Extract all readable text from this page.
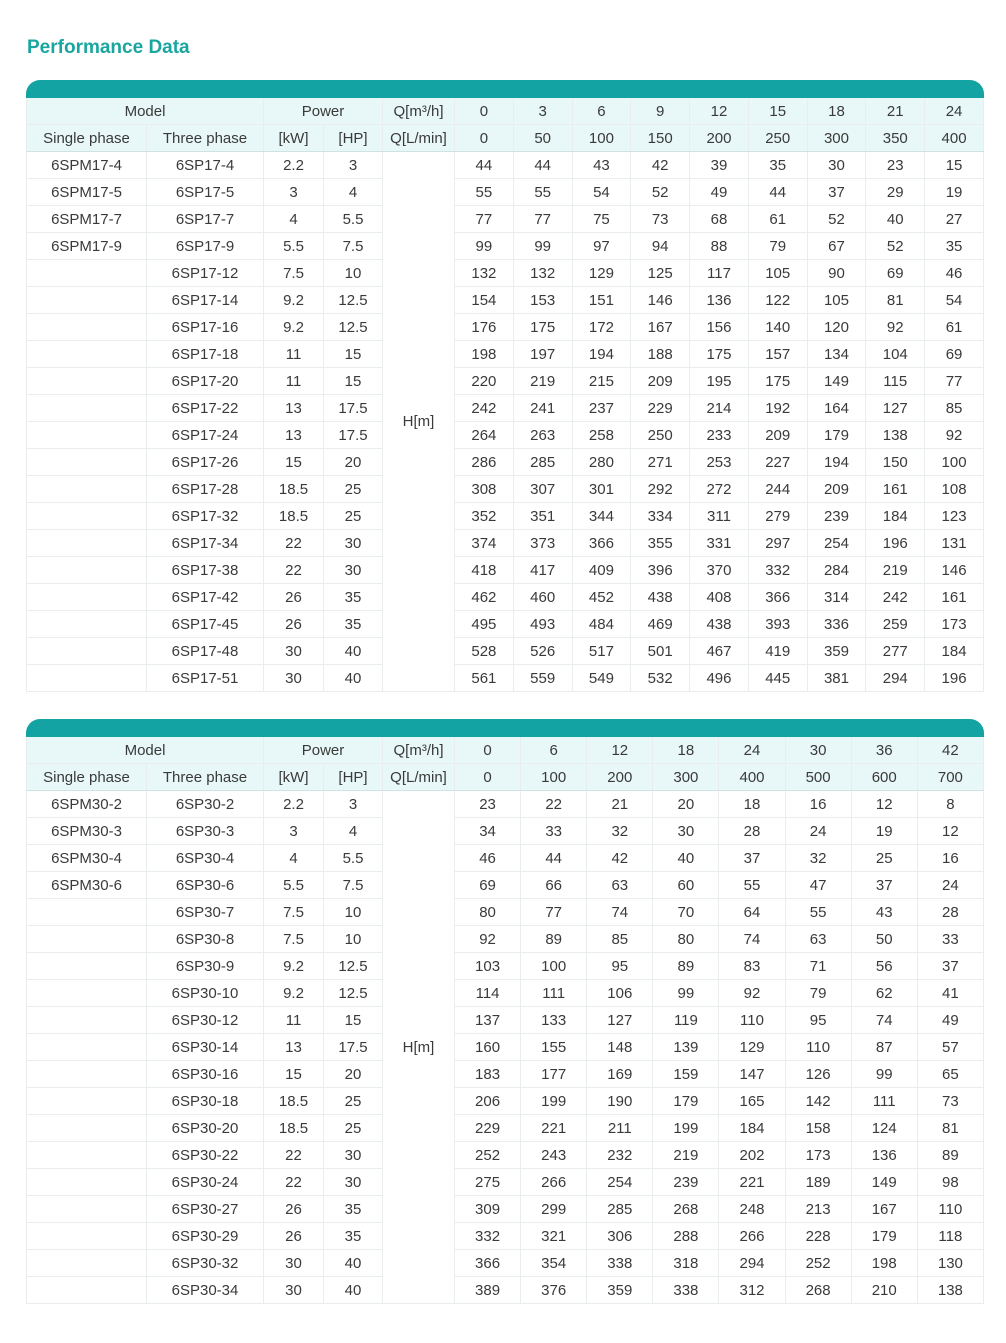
Performance Data
Model		Power		Q[m³/h]	0	3	6	9	12	15	18	21	24
Single phase	Three phase	[kW]	[HP]	Q[L/min]	0	50	100	150	200	250	300	350	400
6SPM17-4	6SP17-4	2.2	3	H[m]	44	44	43	42	39	35	30	23	15
6SPM17-5	6SP17-5	3	4		55	55	54	52	49	44	37	29	19
6SPM17-7	6SP17-7	4	5.5		77	77	75	73	68	61	52	40	27
6SPM17-9	6SP17-9	5.5	7.5		99	99	97	94	88	79	67	52	35
	6SP17-12	7.5	10		132	132	129	125	117	105	90	69	46
	6SP17-14	9.2	12.5		154	153	151	146	136	122	105	81	54
	6SP17-16	9.2	12.5		176	175	172	167	156	140	120	92	61
	6SP17-18	11	15		198	197	194	188	175	157	134	104	69
	6SP17-20	11	15		220	219	215	209	195	175	149	115	77
	6SP17-22	13	17.5		242	241	237	229	214	192	164	127	85
	6SP17-24	13	17.5		264	263	258	250	233	209	179	138	92
	6SP17-26	15	20		286	285	280	271	253	227	194	150	100
	6SP17-28	18.5	25		308	307	301	292	272	244	209	161	108
	6SP17-32	18.5	25		352	351	344	334	311	279	239	184	123
	6SP17-34	22	30		374	373	366	355	331	297	254	196	131
	6SP17-38	22	30		418	417	409	396	370	332	284	219	146
	6SP17-42	26	35		462	460	452	438	408	366	314	242	161
	6SP17-45	26	35		495	493	484	469	438	393	336	259	173
	6SP17-48	30	40		528	526	517	501	467	419	359	277	184
	6SP17-51	30	40		561	559	549	532	496	445	381	294	196
Model		Power		Q[m³/h]	0	6	12	18	24	30	36	42
Single phase	Three phase	[kW]	[HP]	Q[L/min]	0	100	200	300	400	500	600	700
6SPM30-2	6SP30-2	2.2	3	H[m]	23	22	21	20	18	16	12	8
6SPM30-3	6SP30-3	3	4		34	33	32	30	28	24	19	12
6SPM30-4	6SP30-4	4	5.5		46	44	42	40	37	32	25	16
6SPM30-6	6SP30-6	5.5	7.5		69	66	63	60	55	47	37	24
	6SP30-7	7.5	10		80	77	74	70	64	55	43	28
	6SP30-8	7.5	10		92	89	85	80	74	63	50	33
	6SP30-9	9.2	12.5		103	100	95	89	83	71	56	37
	6SP30-10	9.2	12.5		114	111	106	99	92	79	62	41
	6SP30-12	11	15		137	133	127	119	110	95	74	49
	6SP30-14	13	17.5		160	155	148	139	129	110	87	57
	6SP30-16	15	20		183	177	169	159	147	126	99	65
	6SP30-18	18.5	25		206	199	190	179	165	142	111	73
	6SP30-20	18.5	25		229	221	211	199	184	158	124	81
	6SP30-22	22	30		252	243	232	219	202	173	136	89
	6SP30-24	22	30		275	266	254	239	221	189	149	98
	6SP30-27	26	35		309	299	285	268	248	213	167	110
	6SP30-29	26	35		332	321	306	288	266	228	179	118
	6SP30-32	30	40		366	354	338	318	294	252	198	130
	6SP30-34	30	40		389	376	359	338	312	268	210	138
